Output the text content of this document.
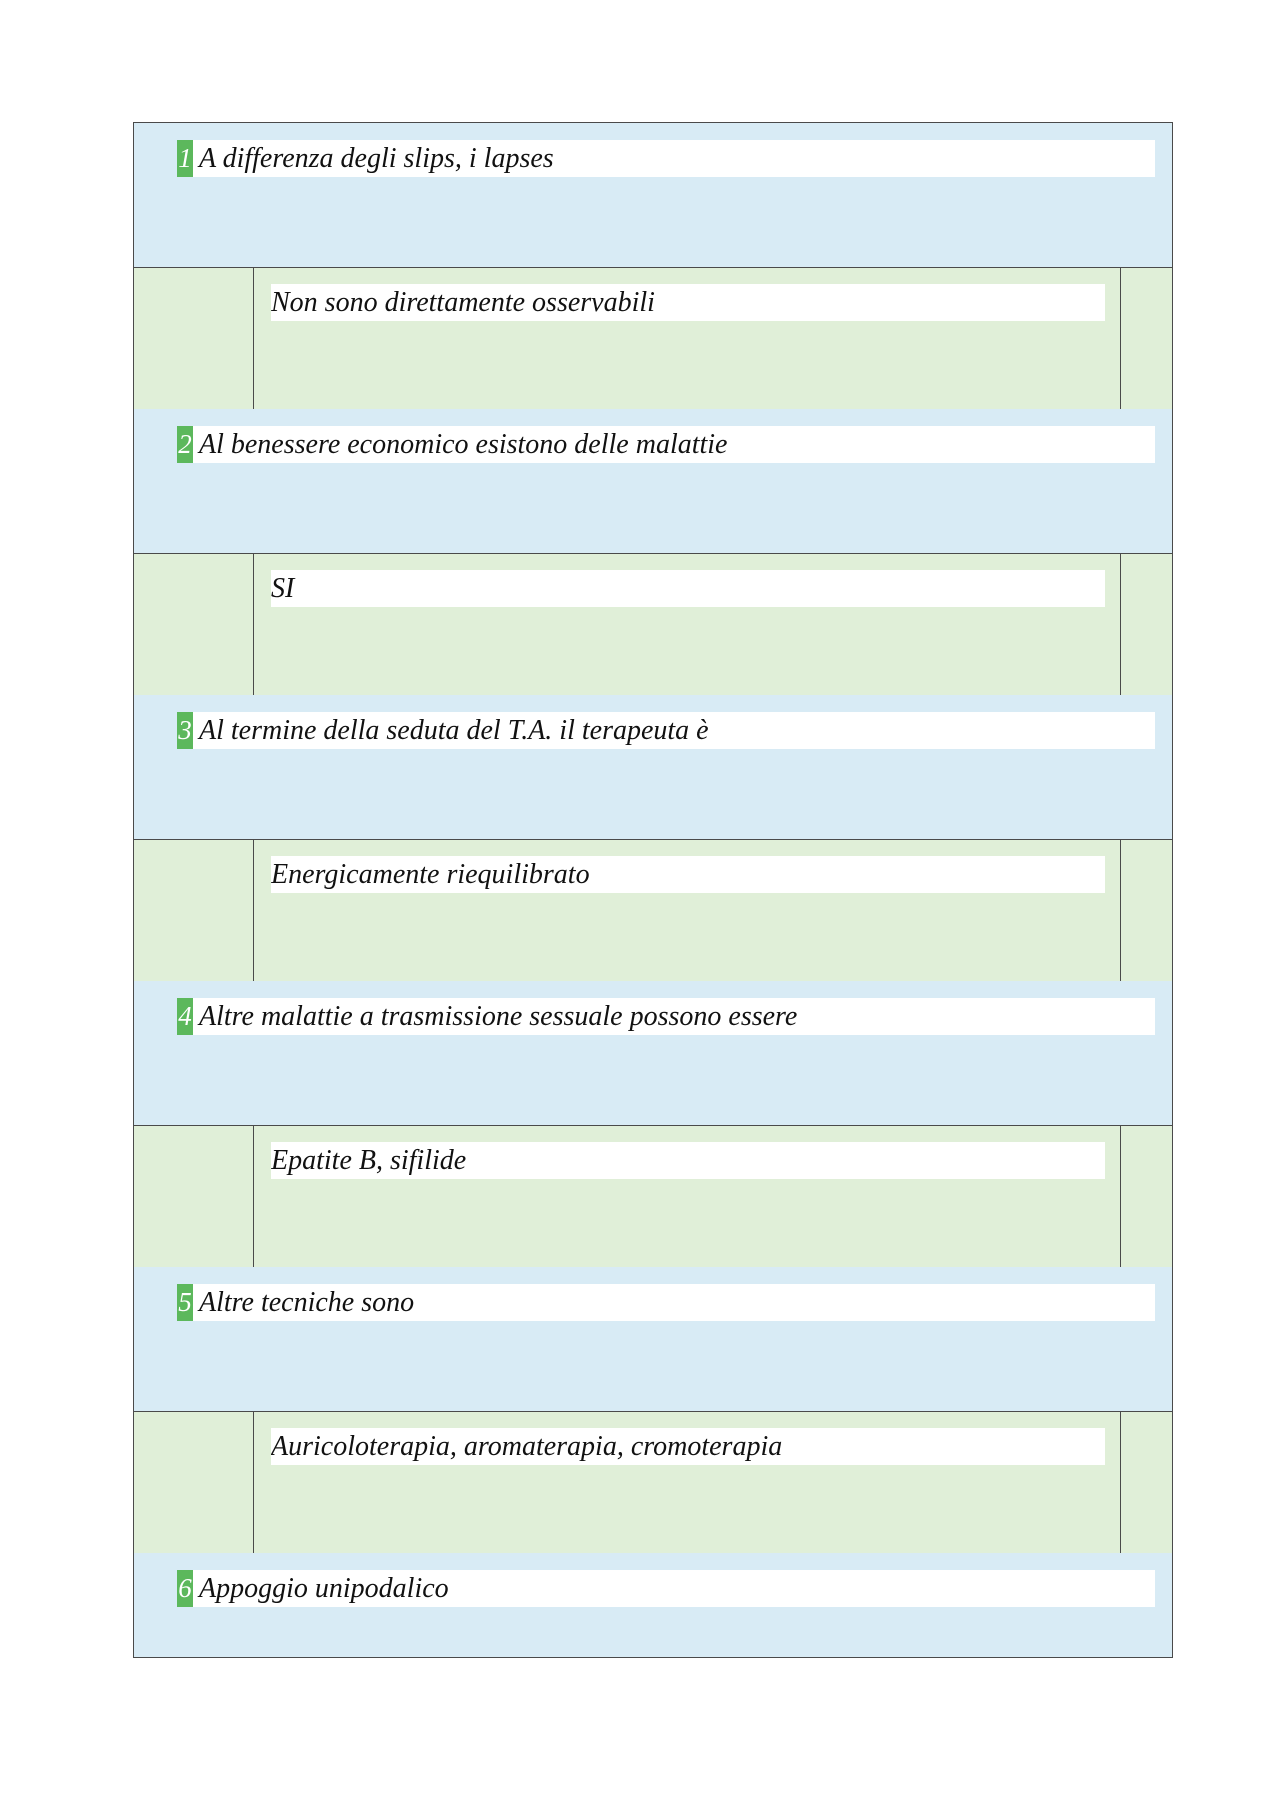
1 A differenza degli slips, i lapses
Non sono direttamente osservabili
2 Al benessere economico esistono delle malattie
SI
3 Al termine della seduta del T.A. il terapeuta è
Energicamente riequilibrato
4 Altre malattie a trasmissione sessuale possono essere
Epatite B, sifilide
5 Altre tecniche sono
Auricoloterapia, aromaterapia, cromoterapia
6 Appoggio unipodalico
